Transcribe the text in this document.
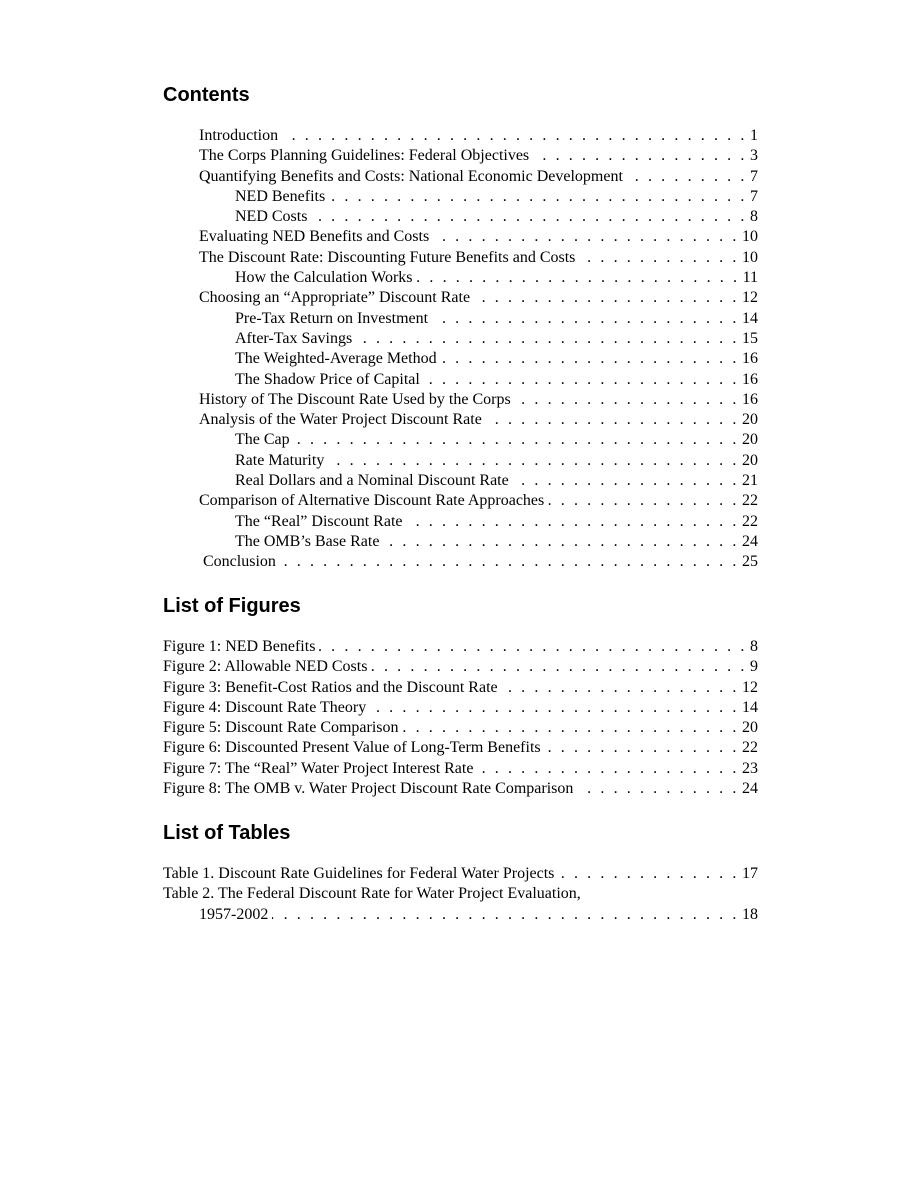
Contents
Introduction . . .	1
The Corps Planning Guidelines: Federal Objectives . . .	3
Quantifying Benefits and Costs: National Economic Development . . .	7
NED Benefits . . .	7
NED Costs . . .	8
Evaluating NED Benefits and Costs . . .	10
The Discount Rate: Discounting Future Benefits and Costs . . .	10
How the Calculation Works . . .	11
Choosing an “Appropriate” Discount Rate . . .	12
Pre-Tax Return on Investment . . .	14
After-Tax Savings . . .	15
The Weighted-Average Method . . .	16
The Shadow Price of Capital . . .	16
History of The Discount Rate Used by the Corps . . .	16
Analysis of the Water Project Discount Rate . . .	20
The Cap . . .	20
Rate Maturity . . .	20
Real Dollars and a Nominal Discount Rate . . .	21
Comparison of Alternative Discount Rate Approaches . . .	22
The “Real” Discount Rate . . .	22
The OMB’s Base Rate . . .	24
Conclusion . . .	25
List of Figures
Figure 1: NED Benefits . . .	8
Figure 2: Allowable NED Costs . . .	9
Figure 3: Benefit-Cost Ratios and the Discount Rate . . .	12
Figure 4: Discount Rate Theory . . .	14
Figure 5: Discount Rate Comparison . . .	20
Figure 6: Discounted Present Value of Long-Term Benefits . . .	22
Figure 7: The “Real” Water Project Interest Rate . . .	23
Figure 8: The OMB v. Water Project Discount Rate Comparison . . .	24
List of Tables
Table 1. Discount Rate Guidelines for Federal Water Projects . . .	17
Table 2. The Federal Discount Rate for Water Project Evaluation,
1957-2002 . . .	18
